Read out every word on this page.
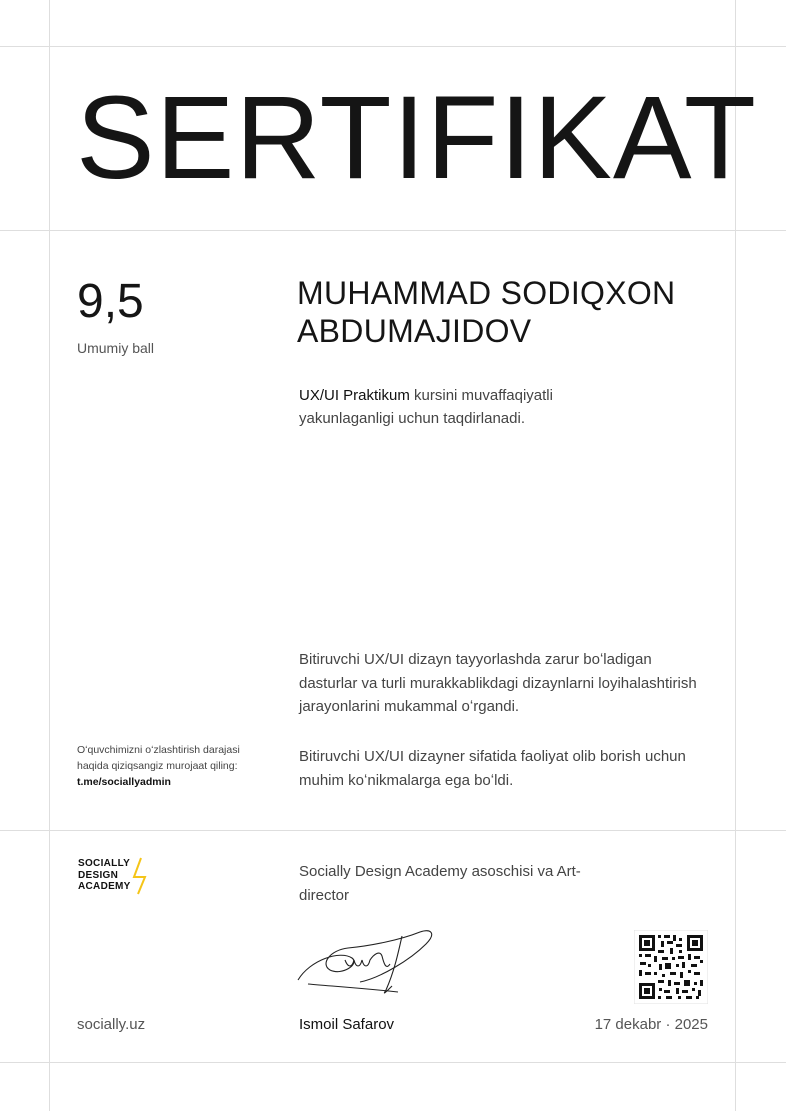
SERTIFIKAT
9,5
Umumiy ball
MUHAMMAD SODIQXON ABDUMAJIDOV
UX/UI Praktikum kursini muvaffaqiyatli yakunlaganligi uchun taqdirlanadi.
Bitiruvchi UX/UI dizayn tayyorlashda zarur boʻladigan dasturlar va turli murakkablikdagi dizaynlarni loyihalashtirish jarayonlarini mukammal oʻrgandi.
Bitiruvchi UX/UI dizayner sifatida faoliyat olib borish uchun muhim koʻnikmalarga ega boʻldi.
Oʻquvchimizni oʻzlashtirish darajasi haqida qiziqsangiz murojaat qiling:
t.me/sociallyadmin
SOCIALLY
DESIGN
ACADEMY
Socially Design Academy asoschisi va Art-director
socially.uz	Ismoil Safarov	17 dekabr · 2025
